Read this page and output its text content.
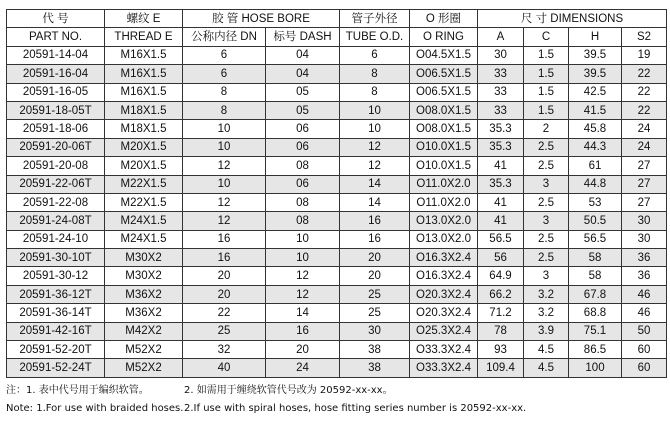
代 号	螺纹 E	胶 管 HOSE BORE		管子外径	O 形圈	尺 寸 DIMENSIONS			
PART NO.	THREAD E	公称内径 DN	标号 DASH	TUBE O.D.	O RING	A	C	H	S2
20591-14-04	M16X1.5	6	04	6	O04.5X1.5	30	1.5	39.5	19
20591-16-04	M16X1.5	6	04	8	O06.5X1.5	33	1.5	39.5	22
20591-16-05	M16X1.5	8	05	8	O06.5X1.5	33	1.5	42.5	22
20591-18-05T	M18X1.5	8	05	10	O08.0X1.5	33	1.5	41.5	22
20591-18-06	M18X1.5	10	06	10	O08.0X1.5	35.3	2	45.8	24
20591-20-06T	M20X1.5	10	06	12	O10.0X1.5	35.3	2.5	44.3	24
20591-20-08	M20X1.5	12	08	12	O10.0X1.5	41	2.5	61	27
20591-22-06T	M22X1.5	10	06	14	O11.0X2.0	35.3	3	44.8	27
20591-22-08	M22X1.5	12	08	14	O11.0X2.0	41	2.5	53	27
20591-24-08T	M24X1.5	12	08	16	O13.0X2.0	41	3	50.5	30
20591-24-10	M24X1.5	16	10	16	O13.0X2.0	56.5	2.5	56.5	30
20591-30-10T	M30X2	16	10	20	O16.3X2.4	56	2.5	58	36
20591-30-12	M30X2	20	12	20	O16.3X2.4	64.9	3	58	36
20591-36-12T	M36X2	20	12	25	O20.3X2.4	66.2	3.2	67.8	46
20591-36-14T	M36X2	22	14	25	O20.3X2.4	71.2	3.2	68.8	46
20591-42-16T	M42X2	25	16	30	O25.3X2.4	78	3.9	75.1	50
20591-52-20T	M52X2	32	20	38	O33.3X2.4	93	4.5	86.5	60
20591-52-24T	M52X2	40	24	38	O33.3X2.4	109.4	4.5	100	60
注：1. 表中代号用于编织软管。	2. 如需用于缠绕软管代号改为 20592-xx-xx。
Note: 1.For use with braided hoses. 2.If use with spiral hoses, hose fitting series number is 20592-xx-xx.
